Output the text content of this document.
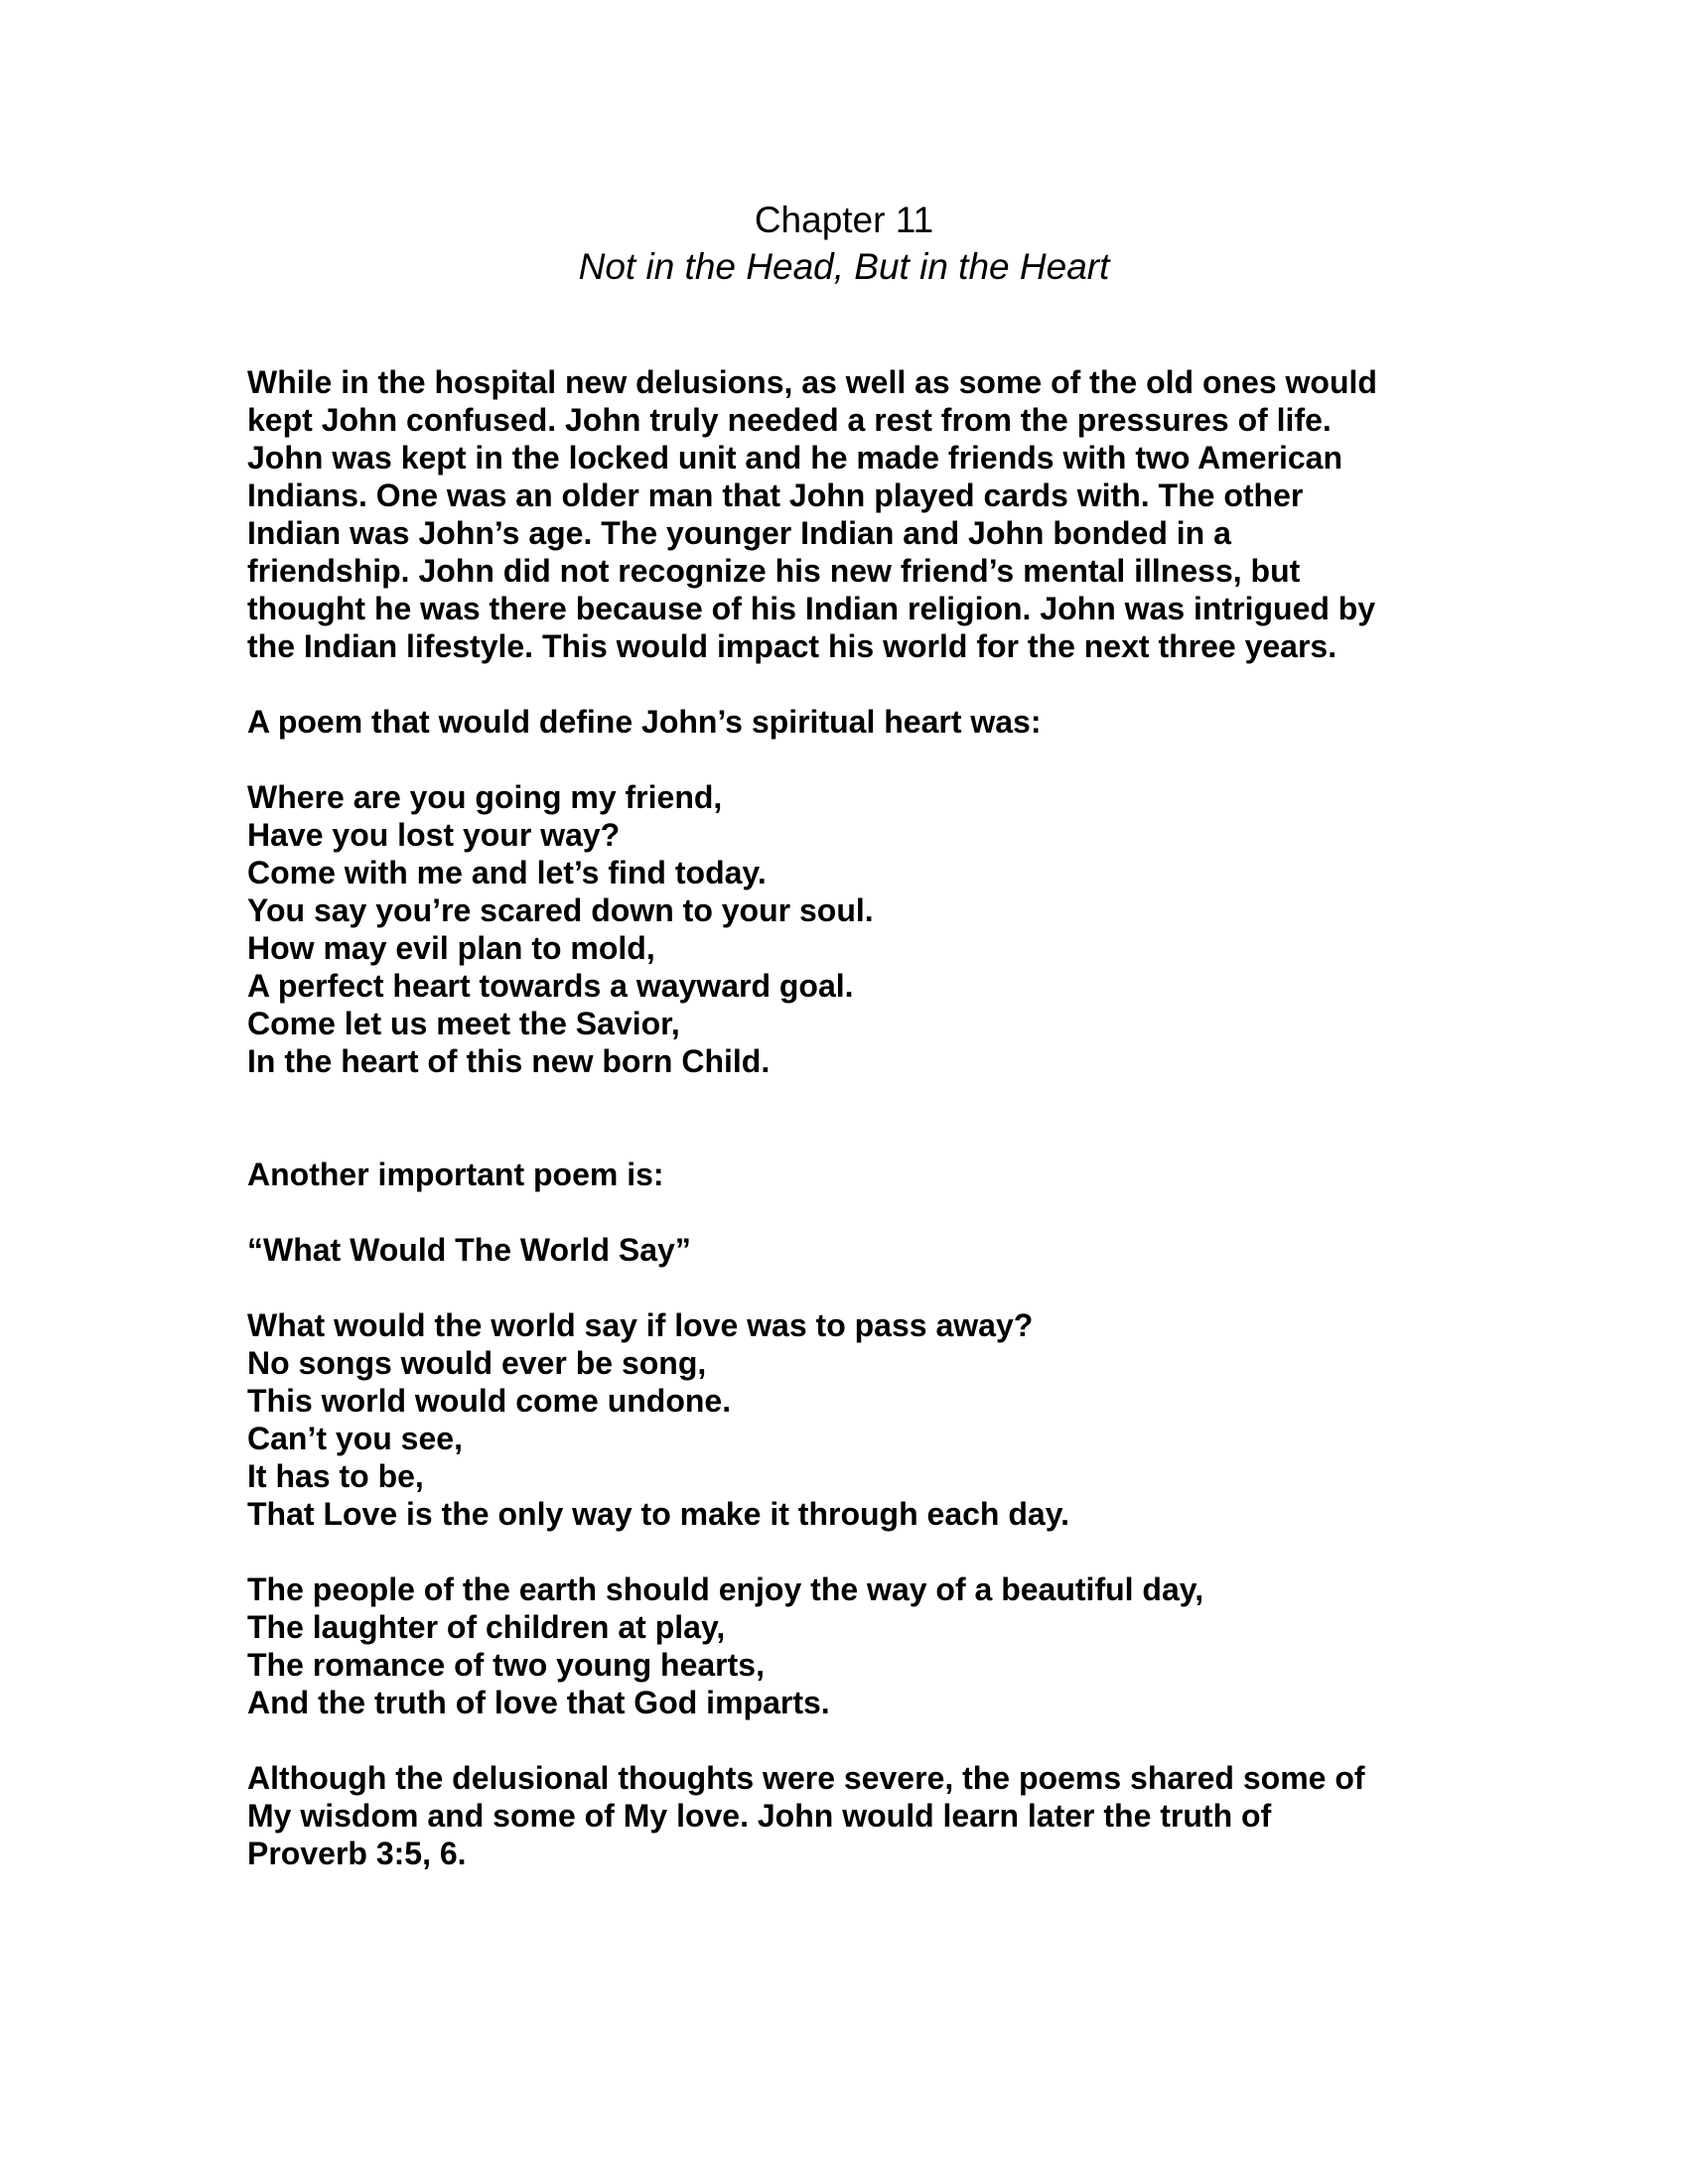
Chapter 11
Not in the Head, But in the Heart
While in the hospital new delusions, as well as some of the old ones would
kept John confused. John truly needed a rest from the pressures of life.
John was kept in the locked unit and he made friends with two American
Indians. One was an older man that John played cards with. The other
Indian was John’s age. The younger Indian and John bonded in a
friendship. John did not recognize his new friend’s mental illness, but
thought he was there because of his Indian religion. John was intrigued by
the Indian lifestyle. This would impact his world for the next three years.
A poem that would define John’s spiritual heart was:
Where are you going my friend,
Have you lost your way?
Come with me and let’s find today.
You say you’re scared down to your soul.
How may evil plan to mold,
A perfect heart towards a wayward goal.
Come let us meet the Savior,
In the heart of this new born Child.
Another important poem is:
“What Would The World Say”
What would the world say if love was to pass away?
No songs would ever be song,
This world would come undone.
Can’t you see,
It has to be,
That Love is the only way to make it through each day.
The people of the earth should enjoy the way of a beautiful day,
The laughter of children at play,
The romance of two young hearts,
And the truth of love that God imparts.
Although the delusional thoughts were severe, the poems shared some of
My wisdom and some of My love. John would learn later the truth of
Proverb 3:5, 6.
